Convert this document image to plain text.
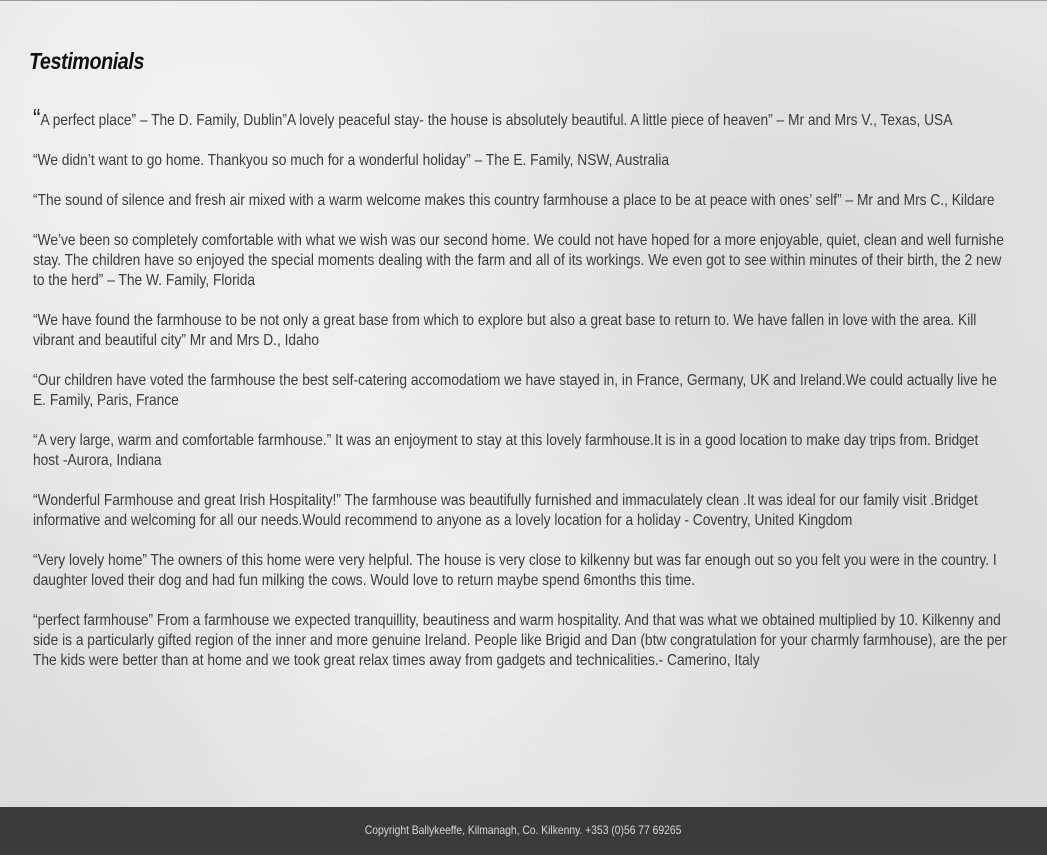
Testimonials

“A perfect place” – The D. Family, Dublin”A lovely peaceful stay- the house is absolutely beautiful. A little piece of heaven” – Mr and Mrs V., Texas, USA

“We didn’t want to go home. Thankyou so much for a wonderful holiday” – The E. Family, NSW, Australia

“The sound of silence and fresh air mixed with a warm welcome makes this country farmhouse a place to be at peace with ones’ self” – Mr and Mrs C., Kildare

“We’ve been so completely comfortable with what we wish was our second home. We could not have hoped for a more enjoyable, quiet, clean and well furnishe
stay. The children have so enjoyed the special moments dealing with the farm and all of its workings. We even got to see within minutes of their birth, the 2 new
to the herd” – The W. Family, Florida

“We have found the farmhouse to be not only a great base from which to explore but also a great base to return to. We have fallen in love with the area. Kill
vibrant and beautiful city” Mr and Mrs D., Idaho

“Our children have voted the farmhouse the best self-catering accomodatiom we have stayed in, in France, Germany, UK and Ireland.We could actually live he
E. Family, Paris, France

“A very large, warm and comfortable farmhouse.” It was an enjoyment to stay at this lovely farmhouse.It is in a good location to make day trips from. Bridget
host -Aurora, Indiana

“Wonderful Farmhouse and great Irish Hospitality!” The farmhouse was beautifully furnished and immaculately clean .It was ideal for our family visit .Bridget
informative and welcoming for all our needs.Would recommend to anyone as a lovely location for a holiday - Coventry, United Kingdom

“Very lovely home” The owners of this home were very helpful. The house is very close to kilkenny but was far enough out so you felt you were in the country. I
daughter loved their dog and had fun milking the cows. Would love to return maybe spend 6months this time.

“perfect farmhouse” From a farmhouse we expected tranquillity, beautiness and warm hospitality. And that was what we obtained multiplied by 10. Kilkenny and
side is a particularly gifted region of the inner and more genuine Ireland. People like Brigid and Dan (btw congratulation for your charmly farmhouse), are the per
The kids were better than at home and we took great relax times away from gadgets and technicalities.- Camerino, Italy

Copyright Ballykeeffe, Kilmanagh, Co. Kilkenny. +353 (0)56 77 69265
